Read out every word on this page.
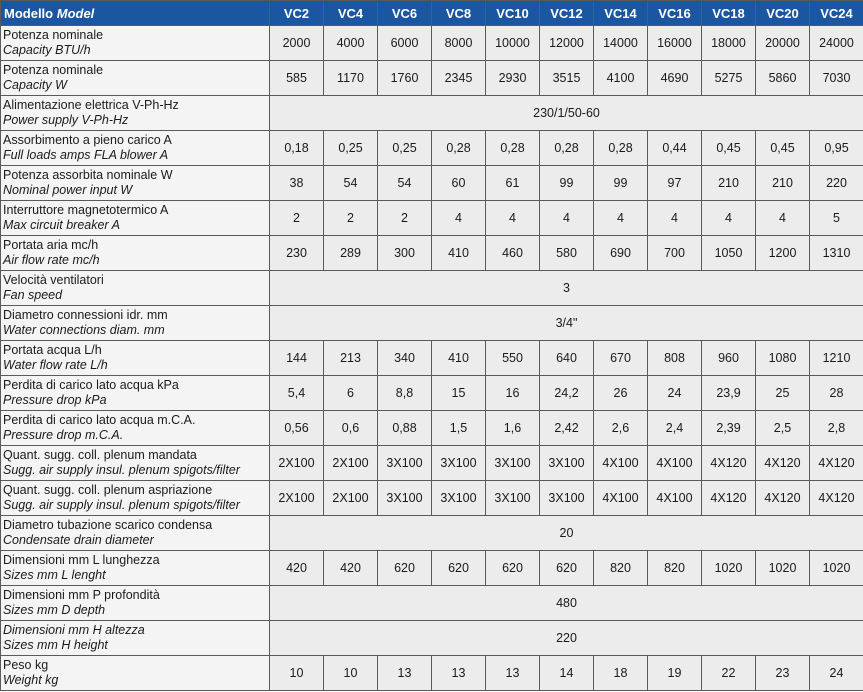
Modello Model	VC2	VC4	VC6	VC8	VC10	VC12	VC14	VC16	VC18	VC20	VC24

Potenza nominale
Capacity BTU/h	2000	4000	6000	8000	10000	12000	14000	16000	18000	20000	24000

Potenza nominale
Capacity W	585	1170	1760	2345	2930	3515	4100	4690	5275	5860	7030

Alimentazione elettrica V-Ph-Hz
Power supply V-Ph-Hz	230/1/50-60										

Assorbimento a pieno carico A
Full loads amps FLA blower A	0,18	0,25	0,25	0,28	0,28	0,28	0,28	0,44	0,45	0,45	0,95

Potenza assorbita nominale W
Nominal power input W	38	54	54	60	61	99	99	97	210	210	220

Interruttore magnetotermico A
Max circuit breaker A	2	2	2	4	4	4	4	4	4	4	5

Portata aria mc/h
Air flow rate mc/h	230	289	300	410	460	580	690	700	1050	1200	1310

Velocità ventilatori
Fan speed	3										

Diametro connessioni idr. mm
Water connections diam. mm	3/4"										

Portata acqua L/h
Water flow rate L/h	144	213	340	410	550	640	670	808	960	1080	1210

Perdita di carico lato acqua kPa
Pressure drop kPa	5,4	6	8,8	15	16	24,2	26	24	23,9	25	28

Perdita di carico lato acqua m.C.A.
Pressure drop m.C.A.	0,56	0,6	0,88	1,5	1,6	2,42	2,6	2,4	2,39	2,5	2,8

Quant. sugg. coll. plenum mandata
Sugg. air supply insul. plenum spigots/filter	2X100	2X100	3X100	3X100	3X100	3X100	4X100	4X100	4X120	4X120	4X120

Quant. sugg. coll. plenum aspriazione
Sugg. air supply insul. plenum spigots/filter	2X100	2X100	3X100	3X100	3X100	3X100	4X100	4X100	4X120	4X120	4X120

Diametro tubazione scarico condensa
Condensate drain diameter	20										

Dimensioni mm L lunghezza
Sizes mm L lenght	420	420	620	620	620	620	820	820	1020	1020	1020

Dimensioni mm P profondità
Sizes mm D depth	480										

Dimensioni mm H altezza
Sizes mm H height	220										

Peso kg
Weight kg	10	10	13	13	13	14	18	19	22	23	24
